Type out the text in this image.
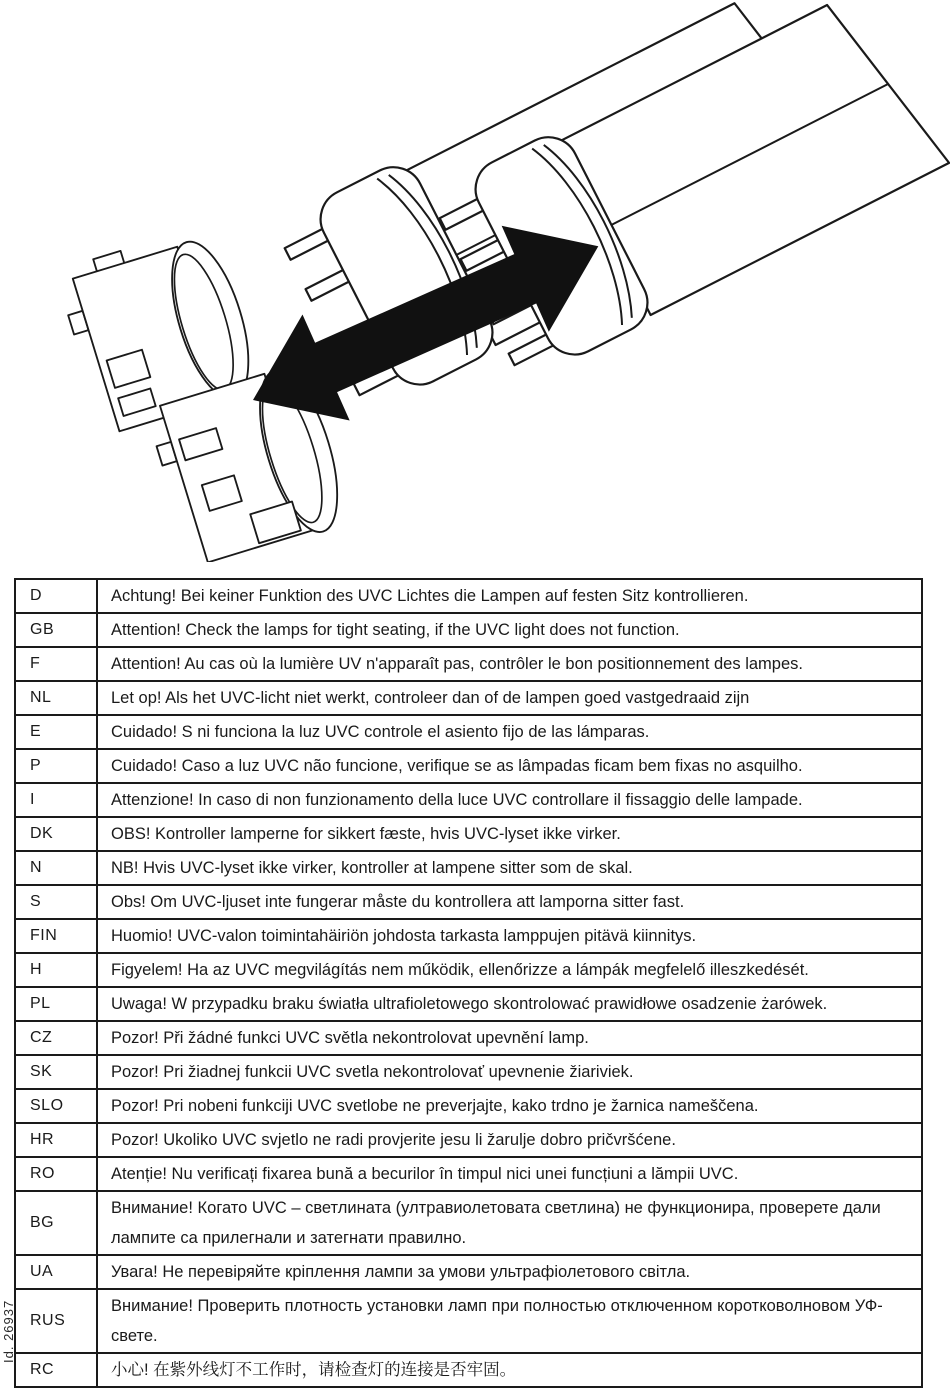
D	Achtung! Bei keiner Funktion des UVC Lichtes die Lampen auf festen Sitz kontrollieren.
GB	Attention! Check the lamps for tight seating, if the UVC light does not function.
F	Attention! Au cas où la lumière UV n'apparaît pas, contrôler le bon positionnement des lampes.
NL	Let op! Als het UVC-licht niet werkt, controleer dan of de lampen goed vastgedraaid zijn
E	Cuidado! S ni funciona la luz UVC controle el asiento fijo de las lámparas.
P	Cuidado! Caso a luz UVC não funcione, verifique se as lâmpadas ficam bem fixas no asquilho.
I	Attenzione! In caso di non funzionamento della luce UVC controllare il fissaggio delle lampade.
DK	OBS! Kontroller lamperne for sikkert fæste, hvis UVC-lyset ikke virker.
N	NB! Hvis UVC-lyset ikke virker, kontroller at lampene sitter som de skal.
S	Obs! Om UVC-ljuset inte fungerar måste du kontrollera att lamporna sitter fast.
FIN	Huomio! UVC-valon toimintahäiriön johdosta tarkasta lamppujen pitävä kiinnitys.
H	Figyelem! Ha az UVC megvilágítás nem működik, ellenőrizze a lámpák megfelelő illeszkedését.
PL	Uwaga! W przypadku braku światła ultrafioletowego skontrolować prawidłowe osadzenie żarówek.
CZ	Pozor! Při žádné funkci UVC světla nekontrolovat upevnění lamp.
SK	Pozor! Pri žiadnej funkcii UVC svetla nekontrolovať upevnenie žiariviek.
SLO	Pozor! Pri nobeni funkciji UVC svetlobe ne preverjajte, kako trdno je žarnica nameščena.
HR	Pozor! Ukoliko UVC svjetlo ne radi provjerite jesu li žarulje dobro pričvršćene.
RO	Atenție! Nu verificați fixarea bună a becurilor în timpul nici unei funcțiuni a lămpii UVC.
BG	Внимание! Когато UVC – светлината (ултравиолетовата светлина) не функционира, проверете дали лампите са прилегнали и затегнати правилно.
UA	Увага! Не перевіряйте кріплення лампи за умови ультрафіолетового світла.
RUS	Внимание! Проверить плотность установки ламп при полностью отключенном коротковолновом УФ-свете.
RC	小心! 在紫外线灯不工作时，请检查灯的连接是否牢固。
Id. 26937
